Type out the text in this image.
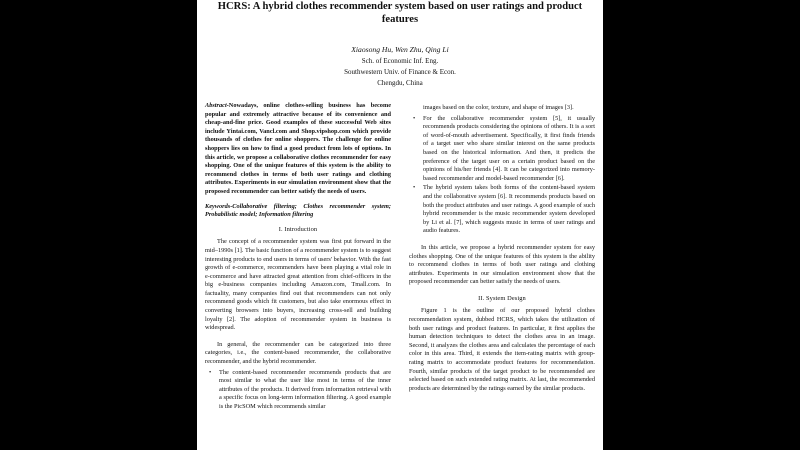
HCRS: A hybrid clothes recommender system based on user ratings and product features
Xiaosong Hu, Wen Zhu, Qing Li
Sch. of Economic Inf. Eng.
Southwestern Univ. of Finance & Econ.
Chengdu, China

Abstract-Nowadays, online clothes-selling business has become popular and extremely attractive because of its convenience and cheap-and-fine price. Good examples of these successful Web sites include Yintai.com, Vancl.com and Shop.vipshop.com which provide thousands of clothes for online shoppers. The challenge for online shoppers lies on how to find a good product from lots of options. In this article, we propose a collaborative clothes recommender for easy shopping. One of the unique features of this system is the ability to recommend clothes in terms of both user ratings and clothing attributes. Experiments in our simulation environment show that the proposed recommender can better satisfy the needs of users.

Keywords-Collaborative filtering; Clothes recommender system; Probabilistic model; Information filtering

I. Introduction

The concept of a recommender system was first put forward in the mid–1990s [1]. The basic function of a recommender system is to suggest interesting products to end users in terms of users' behavior. With the fast growth of e-commerce, recommenders have been playing a vital role in e-commerce and have attracted great attention from chief-officers in the big e-business companies including Amazon.com, Tmall.com. In factuality, many companies find out that recommenders can not only recommend goods which fit customers, but also take enormous effect in converting browsers into buyers, increasing cross-sell and building loyalty [2]. The adoption of recommender system in business is widespread.

In general, the recommender can be categorized into three categories, i.e., the content-based recommender, the collaborative recommender, and the hybrid recommender.

• The content-based recommender recommends products that are most similar to what the user like most in terms of the inner attributes of the products. It derived from information retrieval with a specific focus on long-term information filtering. A good example is the PicSOM which recommends similar

images based on the color, texture, and shape of images [3].

• For the collaborative recommender system [5], it usually recommends products considering the opinions of others. It is a sort of word-of-mouth advertisement. Specifically, it first finds friends of a target user who share similar interest on the same products based on the historical information. And then, it predicts the preference of the target user on a certain product based on the opinions of his/her friends [4]. It can be categorized into memory-based recommender and model-based recommender [6].
• The hybrid system takes both forms of the content-based system and the collaborative system [6]. It recommends products based on both the product attributes and user ratings. A good example of such hybrid recommender is the music recommender system developed by Li et al. [7], which suggests music in terms of user ratings and audio features.

In this article, we propose a hybrid recommender system for easy clothes shopping. One of the unique features of this system is the ability to recommend clothes in terms of both user ratings and clothing attributes. Experiments in our simulation environment show that the proposed recommender can better satisfy the needs of users.

II. System Design

Figure 1 is the outline of our proposed hybrid clothes recommendation system, dubbed HCRS, which takes the utilization of both user ratings and product features. In particular, it first applies the human detection techniques to detect the clothes area in an image. Second, it analyzes the clothes area and calculates the percentage of each color in this area. Third, it extends the item-rating matrix with group-rating matrix to accommodate product features for recommendation. Fourth, similar products of the target product to be recommended are selected based on such extended rating matrix. At last, the recommended products are determined by the ratings earned by the similar products.
